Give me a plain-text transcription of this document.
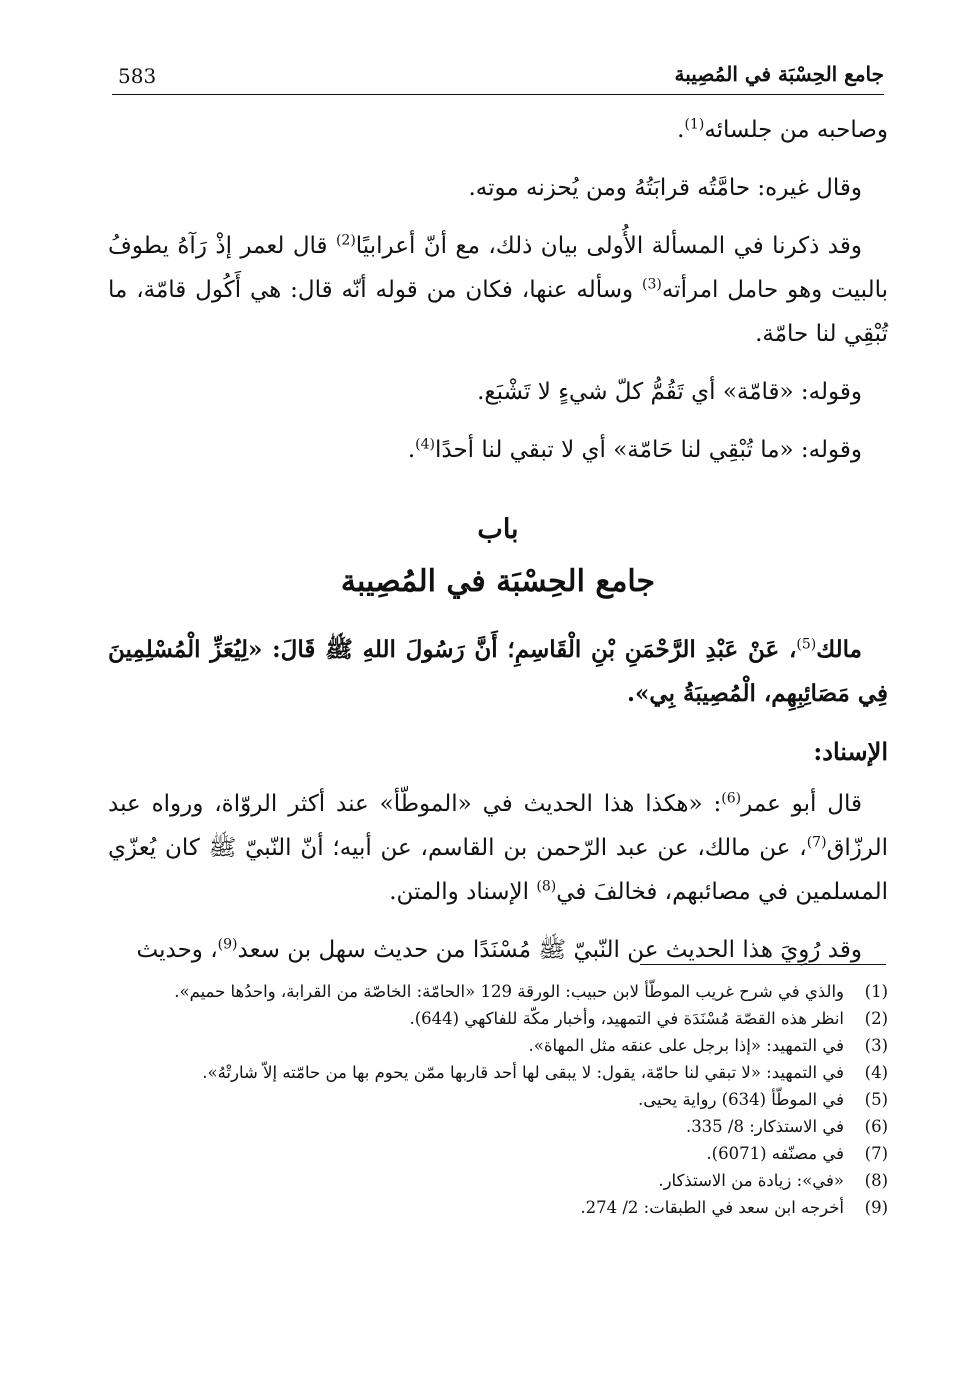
583	جامع الحِسْبَة في المُصِيبة

وصاحبه من جلسائه$^{(1)}$.

وقال غيره: حامَّتُه قرابَتُهُ ومن يُحزنه موته.

وقد ذكرنا في المسألة الأُولى بيان ذلك، مع أنّ أعرابيًا$^{(2)}$ قال لعمر إذْ رَآهُ يطوفُ بالبيت وهو حامل امرأته$^{(3)}$ وسأله عنها، فكان من قوله أنّه قال: هي أَكُول قامّة، ما تُبْقِي لنا حامّة.

وقوله: «قامّة» أي تَقُمُّ كلّ شيءٍ لا تَشْبَع.

وقوله: «ما تُبْقِي لنا حَامّة» أي لا تبقي لنا أحدًا$^{(4)}$.

باب
جامع الحِسْبَة في المُصِيبة

مالك$^{(5)}$، عَنْ عَبْدِ الرَّحْمَنِ بْنِ الْقَاسِمِ؛ أَنَّ رَسُولَ اللهِ ﷺ قَالَ: «لِيُعَزِّ الْمُسْلِمِينَ فِي مَصَائِبِهِم، الْمُصِيبَةُ بِي».

الإسناد:

قال أبو عمر$^{(6)}$: «هكذا هذا الحديث في «الموطّأ» عند أكثر الروّاة، ورواه عبد الرزّاق$^{(7)}$، عن مالك، عن عبد الرّحمن بن القاسم، عن أبيه؛ أنّ النّبيّ ﷺ كان يُعزّي المسلمين في مصائبهم، فخالفَ في$^{(8)}$ الإسناد والمتن.

وقد رُوِيَ هذا الحديث عن النّبيّ ﷺ مُسْنَدًا من حديث سهل بن سعد$^{(9)}$، وحديث

(1)
والذي في شرح غريب الموطّأ لابن حبيب: الورقة 129 «الحامّة: الخاصّة من القرابة، واحدُها حميم».
(2)
انظر هذه القصّة مُسْنَدَة في التمهيد، وأخبار مكّة للفاكهي (644).
(3)
في التمهيد: «إذا برجل على عنقه مثل المهاة».
(4)
في التمهيد: «لا تبقي لنا حامّة، يقول: لا يبقى لها أحد قاربها ممّن يحوم بها من حامّته إلاّ شارتْهُ».
(5)
في الموطّأ (634) رواية يحيى.
(6)
في الاستذكار: 8/ 335.
(7)
في مصنّفه (6071).
(8)
«في»: زيادة من الاستذكار.
(9)
أخرجه ابن سعد في الطبقات: 2/ 274.
